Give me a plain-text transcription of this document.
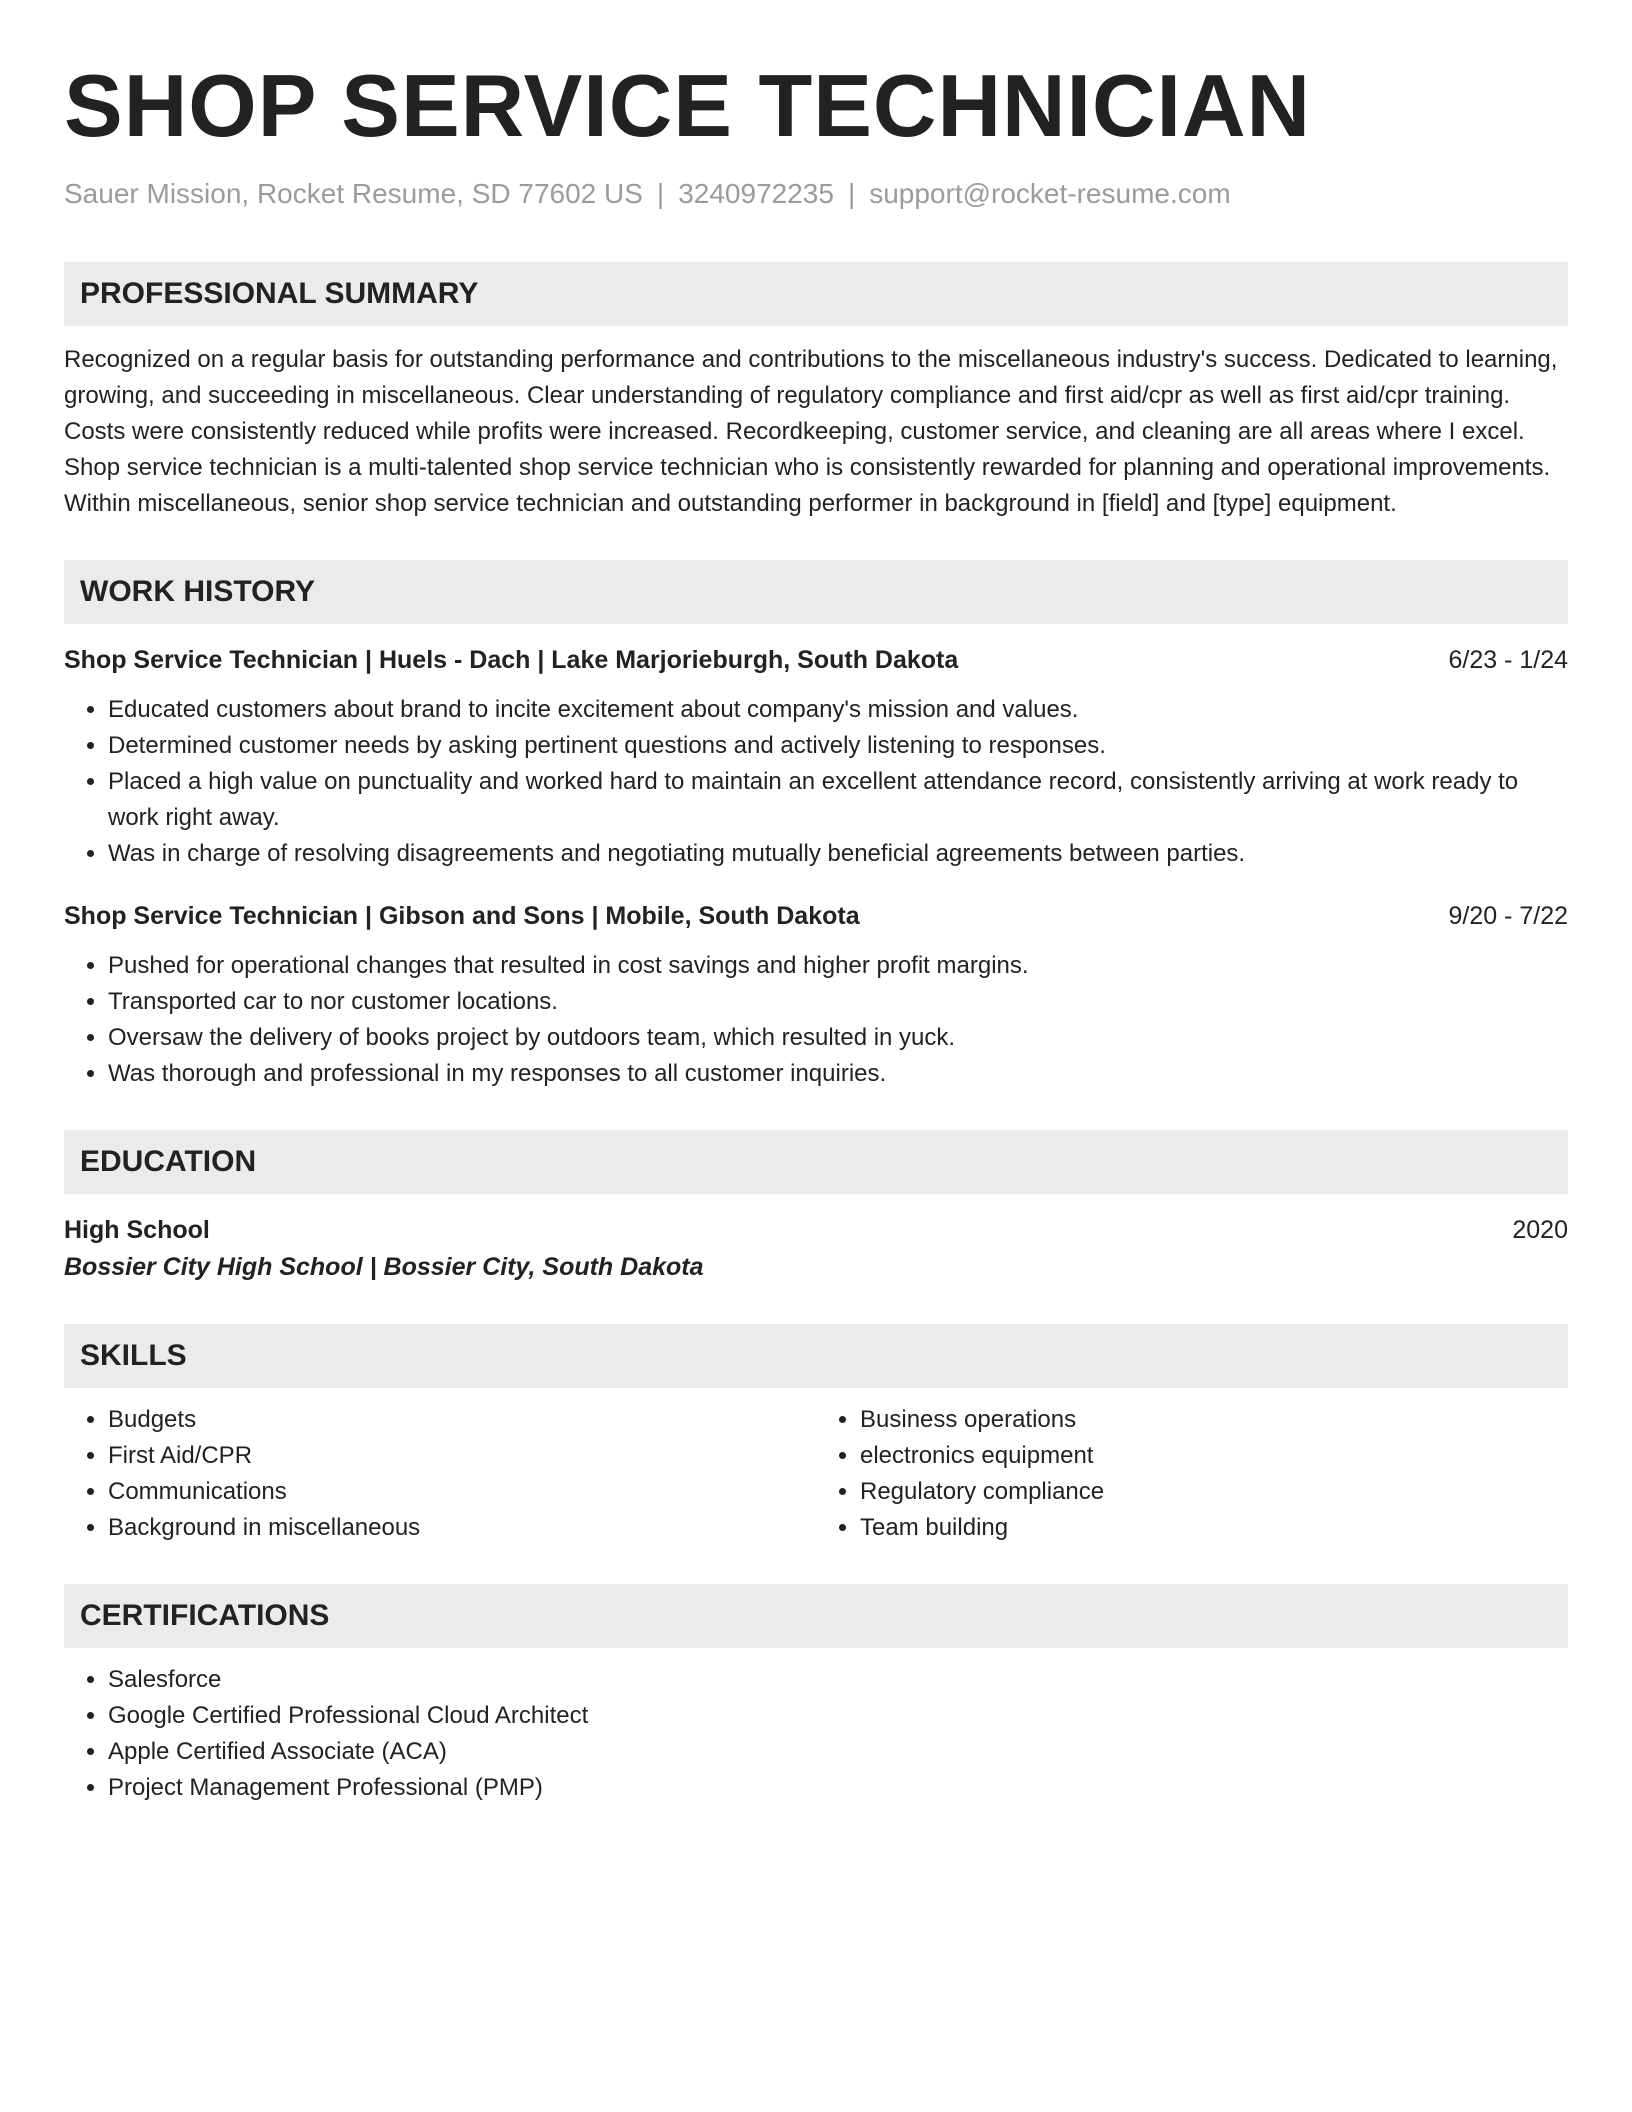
SHOP SERVICE TECHNICIAN
Sauer Mission, Rocket Resume, SD 77602 US | 3240972235 | support@rocket-resume.com
PROFESSIONAL SUMMARY
Recognized on a regular basis for outstanding performance and contributions to the miscellaneous industry's success. Dedicated to learning, growing, and succeeding in miscellaneous. Clear understanding of regulatory compliance and first aid/cpr as well as first aid/cpr training. Costs were consistently reduced while profits were increased. Recordkeeping, customer service, and cleaning are all areas where I excel. Shop service technician is a multi-talented shop service technician who is consistently rewarded for planning and operational improvements. Within miscellaneous, senior shop service technician and outstanding performer in background in [field] and [type] equipment.
WORK HISTORY
Shop Service Technician | Huels - Dach | Lake Marjorieburgh, South Dakota	6/23 - 1/24
• Educated customers about brand to incite excitement about company's mission and values.
• Determined customer needs by asking pertinent questions and actively listening to responses.
• Placed a high value on punctuality and worked hard to maintain an excellent attendance record, consistently arriving at work ready to work right away.
• Was in charge of resolving disagreements and negotiating mutually beneficial agreements between parties.
Shop Service Technician | Gibson and Sons | Mobile, South Dakota	9/20 - 7/22
• Pushed for operational changes that resulted in cost savings and higher profit margins.
• Transported car to nor customer locations.
• Oversaw the delivery of books project by outdoors team, which resulted in yuck.
• Was thorough and professional in my responses to all customer inquiries.
EDUCATION
High School	2020
Bossier City High School | Bossier City, South Dakota
SKILLS
• Budgets
• First Aid/CPR
• Communications
• Background in miscellaneous
• Business operations
• electronics equipment
• Regulatory compliance
• Team building
CERTIFICATIONS
• Salesforce
• Google Certified Professional Cloud Architect
• Apple Certified Associate (ACA)
• Project Management Professional (PMP)
